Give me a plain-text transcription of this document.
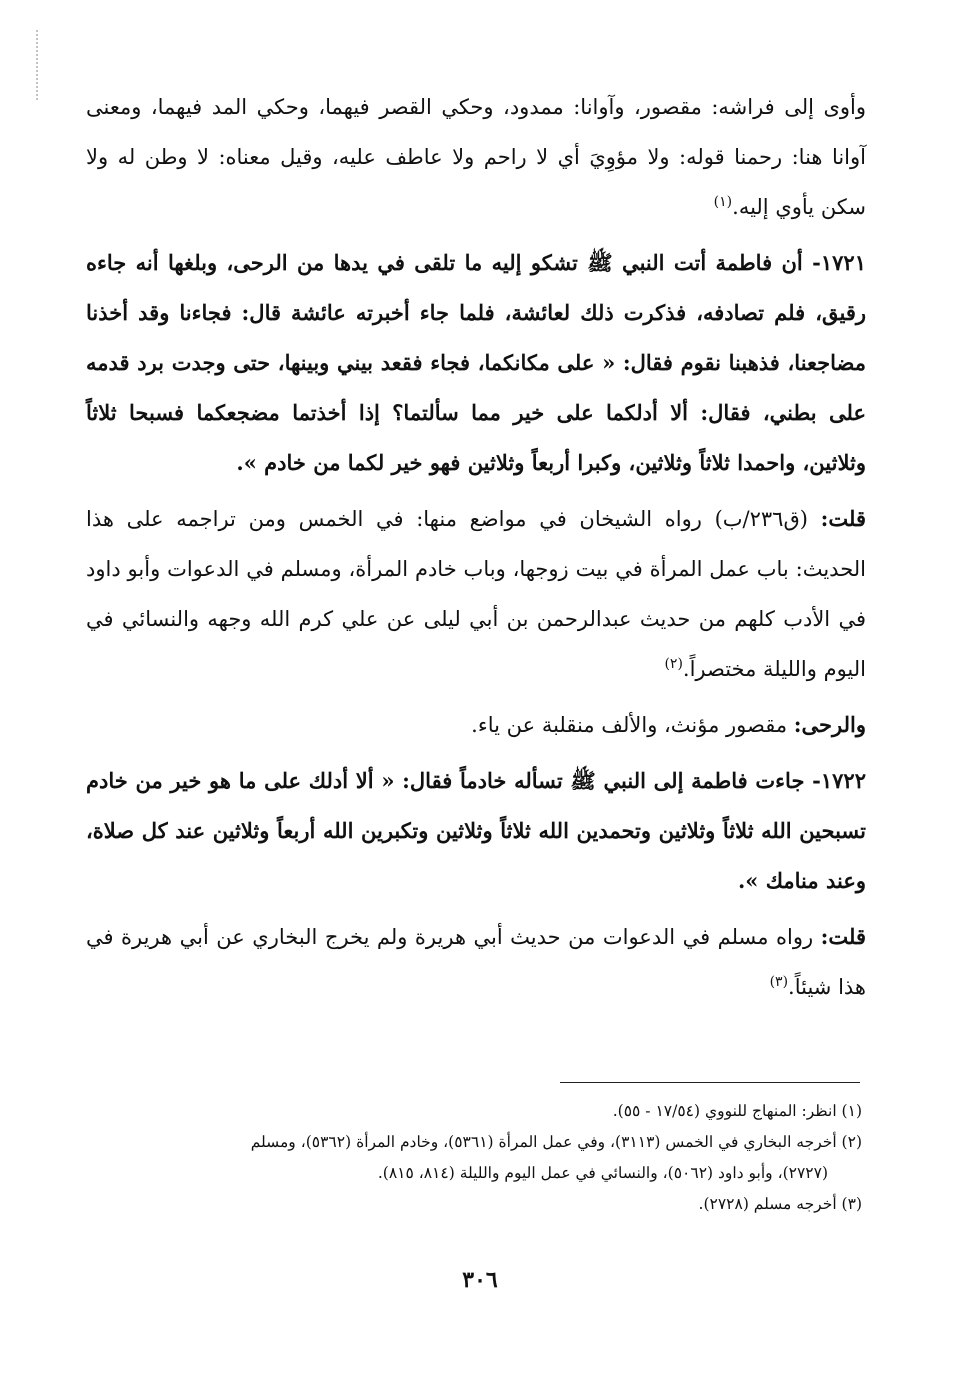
وأوى إلى فراشه: مقصور، وآوانا: ممدود، وحكي القصر فيهما، وحكي المد فيهما، ومعنى آوانا هنا: رحمنا قوله: ولا مؤوِيَ أي لا راحم ولا عاطف عليه، وقيل معناه: لا وطن له ولا سكن يأوي إليه.$^{(١)}$

١٧٢١- أن فاطمة أتت النبي ﷺ تشكو إليه ما تلقى في يدها من الرحى، وبلغها أنه جاءه رقيق، فلم تصادفه، فذكرت ذلك لعائشة، فلما جاء أخبرته عائشة قال: فجاءنا وقد أخذنا مضاجعنا، فذهبنا نقوم فقال: « على مكانكما، فجاء فقعد بيني وبينها، حتى وجدت برد قدمه على بطني، فقال: ألا أدلكما على خير مما سألتما؟ إذا أخذتما مضجعكما فسبحا ثلاثاً وثلاثين، واحمدا ثلاثاً وثلاثين، وكبرا أربعاً وثلاثين فهو خير لكما من خادم ».

قلت: (ق٢٣٦/ب) رواه الشيخان في مواضع منها: في الخمس ومن تراجمه على هذا الحديث: باب عمل المرأة في بيت زوجها، وباب خادم المرأة، ومسلم في الدعوات وأبو داود في الأدب كلهم من حديث عبدالرحمن بن أبي ليلى عن علي كرم الله وجهه والنسائي في اليوم والليلة مختصراً.$^{(٢)}$

والرحى: مقصور مؤنث، والألف منقلبة عن ياء.

١٧٢٢- جاءت فاطمة إلى النبي ﷺ تسأله خادماً فقال: « ألا أدلك على ما هو خير من خادم تسبحين الله ثلاثاً وثلاثين وتحمدين الله ثلاثاً وثلاثين وتكبرين الله أربعاً وثلاثين عند كل صلاة، وعند منامك ».

قلت: رواه مسلم في الدعوات من حديث أبي هريرة ولم يخرج البخاري عن أبي هريرة في هذا شيئاً.$^{(٣)}$

(١) انظر: المنهاج للنووي (١٧/٥٤ - ٥٥).

(٢) أخرجه البخاري في الخمس (٣١١٣)، وفي عمل المرأة (٥٣٦١)، وخادم المرأة (٥٣٦٢)، ومسلم

(٢٧٢٧)، وأبو داود (٥٠٦٢)، والنسائي في عمل اليوم والليلة (٨١٤، ٨١٥).

(٣) أخرجه مسلم (٢٧٢٨).

٣٠٦
